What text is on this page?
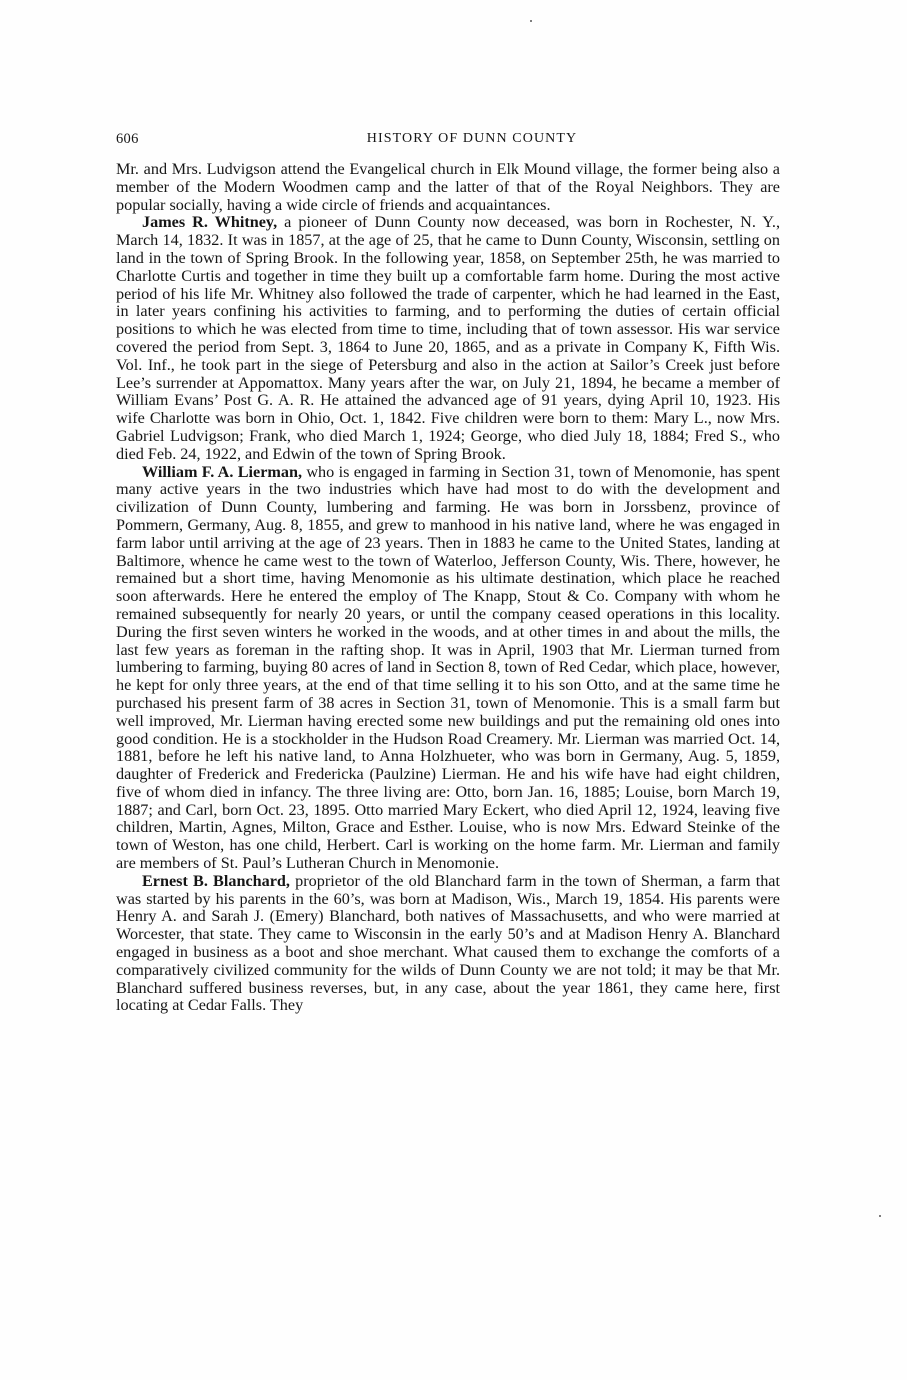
606	HISTORY OF DUNN COUNTY

Mr. and Mrs. Ludvigson attend the Evangelical church in Elk Mound village, the former being also a member of the Modern Woodmen camp and the latter of that of the Royal Neighbors. They are popular socially, having a wide circle of friends and acquaintances.

James R. Whitney, a pioneer of Dunn County now deceased, was born in Rochester, N. Y., March 14, 1832. It was in 1857, at the age of 25, that he came to Dunn County, Wisconsin, settling on land in the town of Spring Brook. In the following year, 1858, on September 25th, he was married to Charlotte Curtis and together in time they built up a comfortable farm home. During the most active period of his life Mr. Whitney also followed the trade of carpenter, which he had learned in the East, in later years confining his activities to farming, and to performing the duties of certain official positions to which he was elected from time to time, including that of town assessor. His war service covered the period from Sept. 3, 1864 to June 20, 1865, and as a private in Company K, Fifth Wis. Vol. Inf., he took part in the siege of Petersburg and also in the action at Sailor’s Creek just before Lee’s surrender at Appomattox. Many years after the war, on July 21, 1894, he became a member of William Evans’ Post G. A. R. He attained the advanced age of 91 years, dying April 10, 1923. His wife Charlotte was born in Ohio, Oct. 1, 1842. Five children were born to them: Mary L., now Mrs. Gabriel Ludvigson; Frank, who died March 1, 1924; George, who died July 18, 1884; Fred S., who died Feb. 24, 1922, and Edwin of the town of Spring Brook.

William F. A. Lierman, who is engaged in farming in Section 31, town of Menomonie, has spent many active years in the two industries which have had most to do with the development and civilization of Dunn County, lumbering and farming. He was born in Jorssbenz, province of Pommern, Germany, Aug. 8, 1855, and grew to manhood in his native land, where he was engaged in farm labor until arriving at the age of 23 years. Then in 1883 he came to the United States, landing at Baltimore, whence he came west to the town of Waterloo, Jefferson County, Wis. There, however, he remained but a short time, having Menomonie as his ultimate destination, which place he reached soon afterwards. Here he entered the employ of The Knapp, Stout & Co. Company with whom he remained subsequently for nearly 20 years, or until the company ceased operations in this locality. During the first seven winters he worked in the woods, and at other times in and about the mills, the last few years as foreman in the rafting shop. It was in April, 1903 that Mr. Lierman turned from lumbering to farming, buying 80 acres of land in Section 8, town of Red Cedar, which place, however, he kept for only three years, at the end of that time selling it to his son Otto, and at the same time he purchased his present farm of 38 acres in Section 31, town of Menomonie. This is a small farm but well improved, Mr. Lierman having erected some new buildings and put the remaining old ones into good condition. He is a stockholder in the Hudson Road Creamery. Mr. Lierman was married Oct. 14, 1881, before he left his native land, to Anna Holzhueter, who was born in Germany, Aug. 5, 1859, daughter of Frederick and Fredericka (Paulzine) Lierman. He and his wife have had eight children, five of whom died in infancy. The three living are: Otto, born Jan. 16, 1885; Louise, born March 19, 1887; and Carl, born Oct. 23, 1895. Otto married Mary Eckert, who died April 12, 1924, leaving five children, Martin, Agnes, Milton, Grace and Esther. Louise, who is now Mrs. Edward Steinke of the town of Weston, has one child, Herbert. Carl is working on the home farm. Mr. Lierman and family are members of St. Paul’s Lutheran Church in Menomonie.

Ernest B. Blanchard, proprietor of the old Blanchard farm in the town of Sherman, a farm that was started by his parents in the 60’s, was born at Madison, Wis., March 19, 1854. His parents were Henry A. and Sarah J. (Emery) Blanchard, both natives of Massachusetts, and who were married at Worcester, that state. They came to Wisconsin in the early 50’s and at Madison Henry A. Blanchard engaged in business as a boot and shoe merchant. What caused them to exchange the comforts of a comparatively civilized community for the wilds of Dunn County we are not told; it may be that Mr. Blanchard suffered business reverses, but, in any case, about the year 1861, they came here, first locating at Cedar Falls. They
